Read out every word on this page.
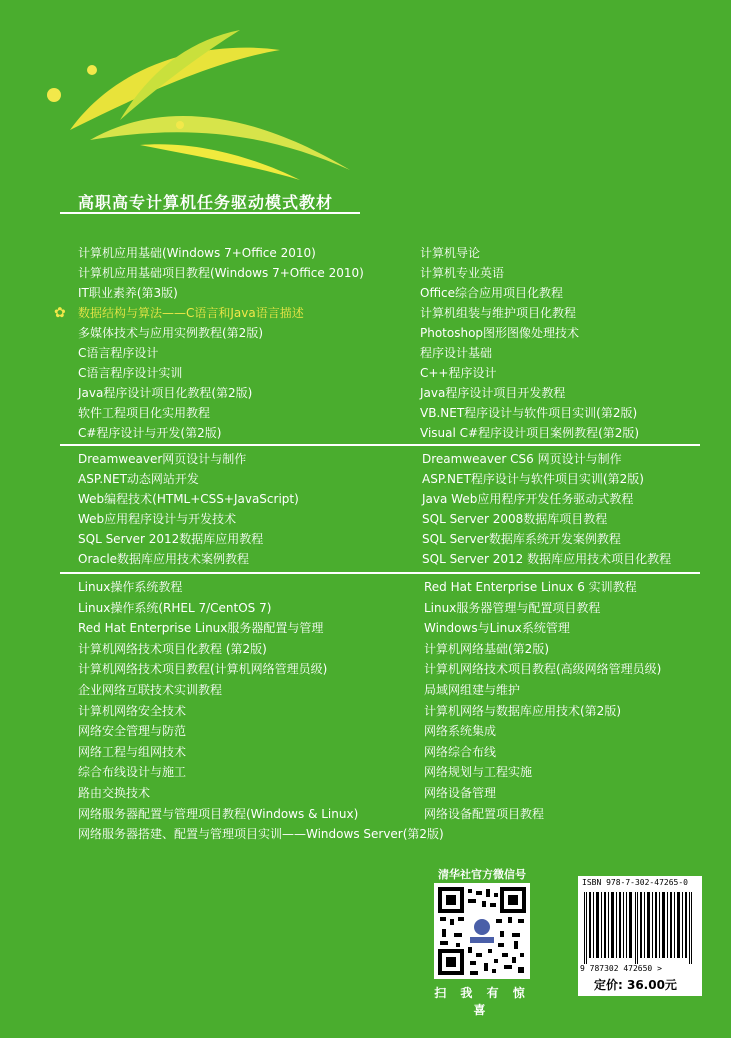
高职高专计算机任务驱动模式教材
计算机应用基础(Windows 7+Office 2010)
计算机应用基础项目教程(Windows 7+Office 2010)
IT职业素养(第3版)
数据结构与算法——C语言和Java语言描述
多媒体技术与应用实例教程(第2版)
C语言程序设计
C语言程序设计实训
Java程序设计项目化教程(第2版)
软件工程项目化实用教程
C#程序设计与开发(第2版)
✿
计算机导论
计算机专业英语
Office综合应用项目化教程
计算机组装与维护项目化教程
Photoshop图形图像处理技术
程序设计基础
C++程序设计
Java程序设计项目开发教程
VB.NET程序设计与软件项目实训(第2版)
Visual C#程序设计项目案例教程(第2版)
Dreamweaver网页设计与制作
ASP.NET动态网站开发
Web编程技术(HTML+CSS+JavaScript)
Web应用程序设计与开发技术
SQL Server 2012数据库应用教程
Oracle数据库应用技术案例教程
Dreamweaver CS6 网页设计与制作
ASP.NET程序设计与软件项目实训(第2版)
Java Web应用程序开发任务驱动式教程
SQL Server 2008数据库项目教程
SQL Server数据库系统开发案例教程
SQL Server 2012 数据库应用技术项目化教程
Linux操作系统教程
Linux操作系统(RHEL 7/CentOS 7)
Red Hat Enterprise Linux服务器配置与管理
计算机网络技术项目化教程 (第2版)
计算机网络技术项目教程(计算机网络管理员级)
企业网络互联技术实训教程
计算机网络安全技术
网络安全管理与防范
网络工程与组网技术
综合布线设计与施工
路由交换技术
网络服务器配置与管理项目教程(Windows & Linux)
网络服务器搭建、配置与管理项目实训——Windows Server(第2版)
Red Hat Enterprise Linux 6 实训教程
Linux服务器管理与配置项目教程
Windows与Linux系统管理
计算机网络基础(第2版)
计算机网络技术项目教程(高级网络管理员级)
局域网组建与维护
计算机网络与数据库应用技术(第2版)
网络系统集成
网络综合布线
网络规划与工程实施
网络设备管理
网络设备配置项目教程
清华社官方微信号
扫 我 有 惊 喜
ISBN 978-7-302-47265-0
9 787302 472650 >
定价: 36.00元
